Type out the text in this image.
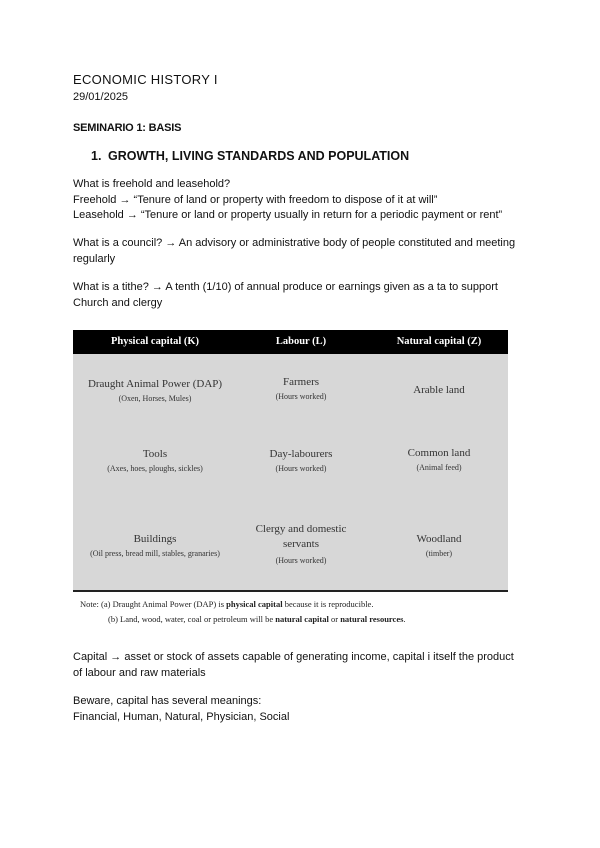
ECONOMIC HISTORY I
29/01/2025
SEMINARIO 1: BASIS
1. GROWTH, LIVING STANDARDS AND POPULATION
What is freehold and leasehold?
Freehold → “Tenure of land or property with freedom to dispose of it at will”
Leasehold → “Tenure or land or property usually in return for a periodic payment or rent”
What is a council? → An advisory or administrative body of people constituted and meeting
regularly
What is a tithe? → A tenth (1/10) of annual produce or earnings given as a ta to support
Church and clergy
Physical capital (K)	Labour (L)	Natural capital (Z)
Draught Animal Power (DAP)
(Oxen, Horses, Mules)
Farmers
(Hours worked)
Arable land
Tools
(Axes, hoes, ploughs, sickles)
Day-labourers
(Hours worked)
Common land
(Animal feed)
Buildings
(Oil press, bread mill, stables, granaries)
Clergy and domestic
servants
(Hours worked)
Woodland
(timber)
Note: (a) Draught Animal Power (DAP) is physical capital because it is reproducible.
(b) Land, wood, water, coal or petroleum will be natural capital or natural resources.
Capital → asset or stock of assets capable of generating income, capital i itself the product
of labour and raw materials
Beware, capital has several meanings:
Financial, Human, Natural, Physician, Social
